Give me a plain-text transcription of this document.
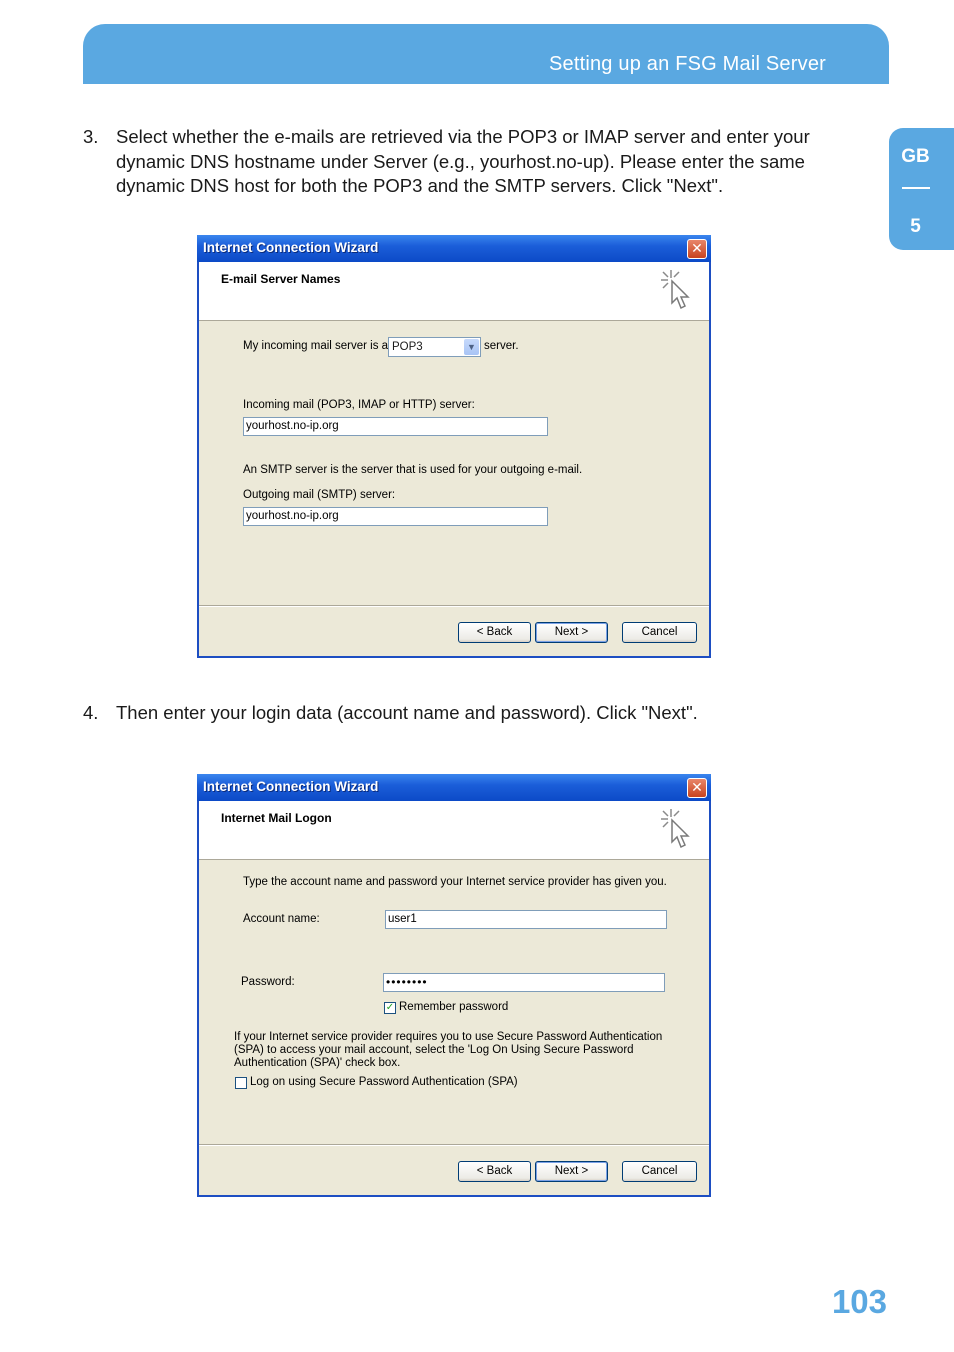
Setting up an FSG Mail Server
GB
5
3. Select whether the e-mails are retrieved via the POP3 or IMAP server and enter your
dynamic DNS hostname under Server (e.g., yourhost.no-up). Please enter the same
dynamic DNS host for both the POP3 and the SMTP servers. Click "Next".
Internet Connection Wizard	✕
E-mail Server Names
My incoming mail server is a POP3	▼ server.
Incoming mail (POP3, IMAP or HTTP) server:
yourhost.no-ip.org
An SMTP server is the server that is used for your outgoing e-mail.
Outgoing mail (SMTP) server:
yourhost.no-ip.org
< Back	Next >	Cancel
4. Then enter your login data (account name and password). Click "Next".
Internet Connection Wizard	✕
Internet Mail Logon
Type the account name and password your Internet service provider has given you.
Account name:	user1
Password:	••••••••
✓ Remember password
If your Internet service provider requires you to use Secure Password Authentication
(SPA) to access your mail account, select the 'Log On Using Secure Password
Authentication (SPA)' check box.
Log on using Secure Password Authentication (SPA)
< Back	Next >	Cancel
103
